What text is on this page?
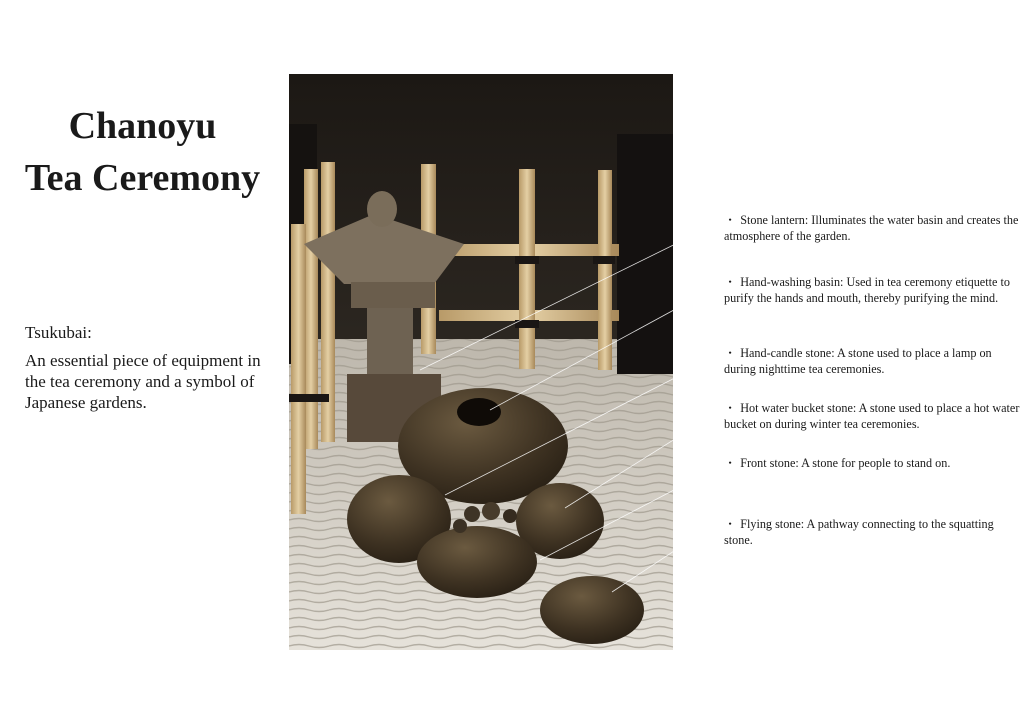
Chanoyu
Tea Ceremony
Tsukubai:
An essential piece of equipment in the tea ceremony and a symbol of Japanese gardens.
・ Stone lantern: Illuminates the water basin and creates the atmosphere of the garden.
・ Hand-washing basin: Used in tea ceremony etiquette to purify the hands and mouth, thereby purifying the mind.
・ Hand-candle stone: A stone used to place a lamp on during nighttime tea ceremonies.
・ Hot water bucket stone: A stone used to place a hot water bucket on during winter tea ceremonies.
・ Front stone: A stone for people to stand on.
・ Flying stone: A pathway connecting to the squatting stone.
